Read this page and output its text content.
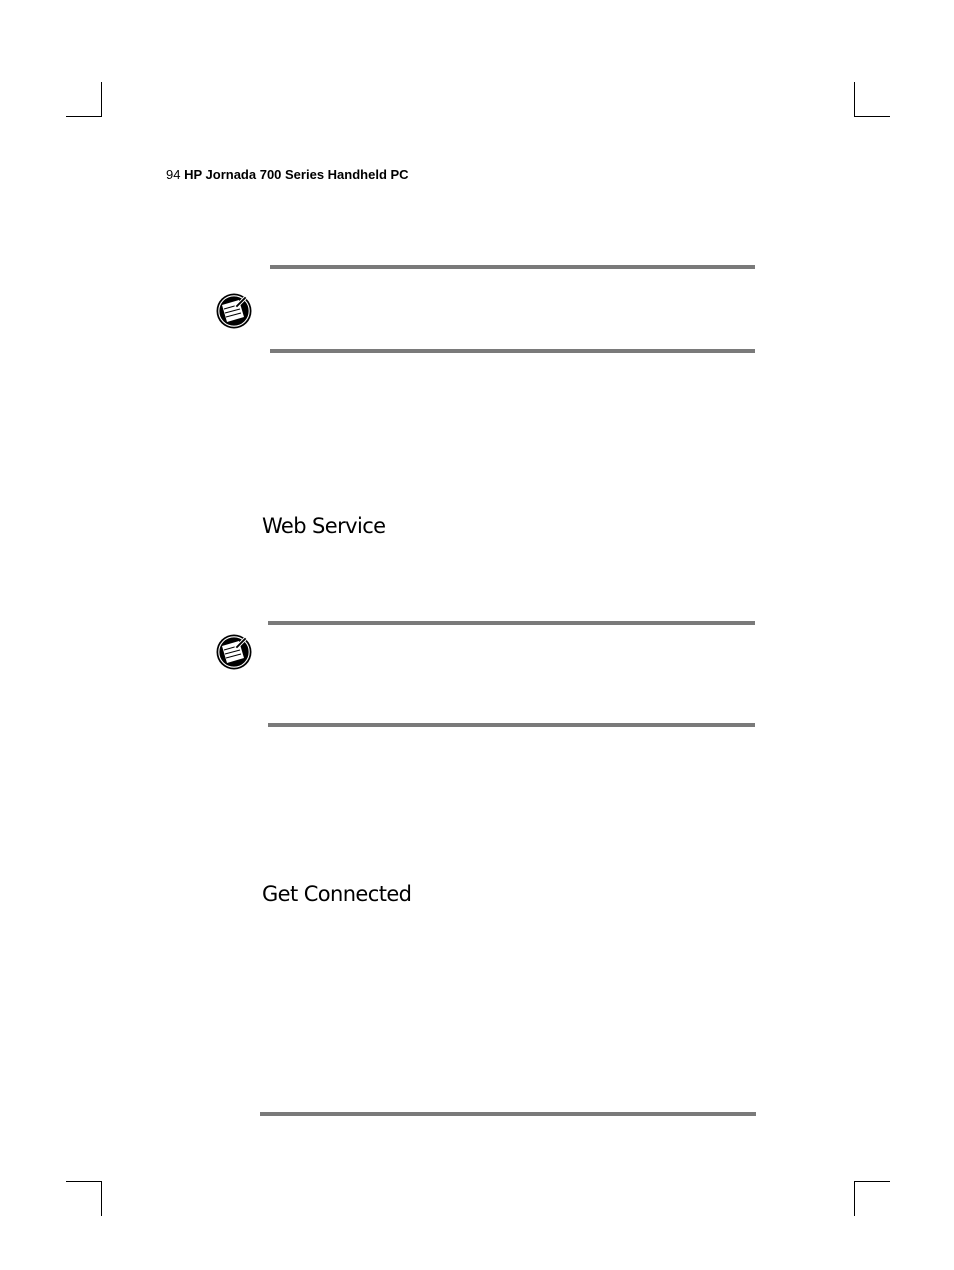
94 HP Jornada 700 Series Handheld PC
Web Service
Get Connected
